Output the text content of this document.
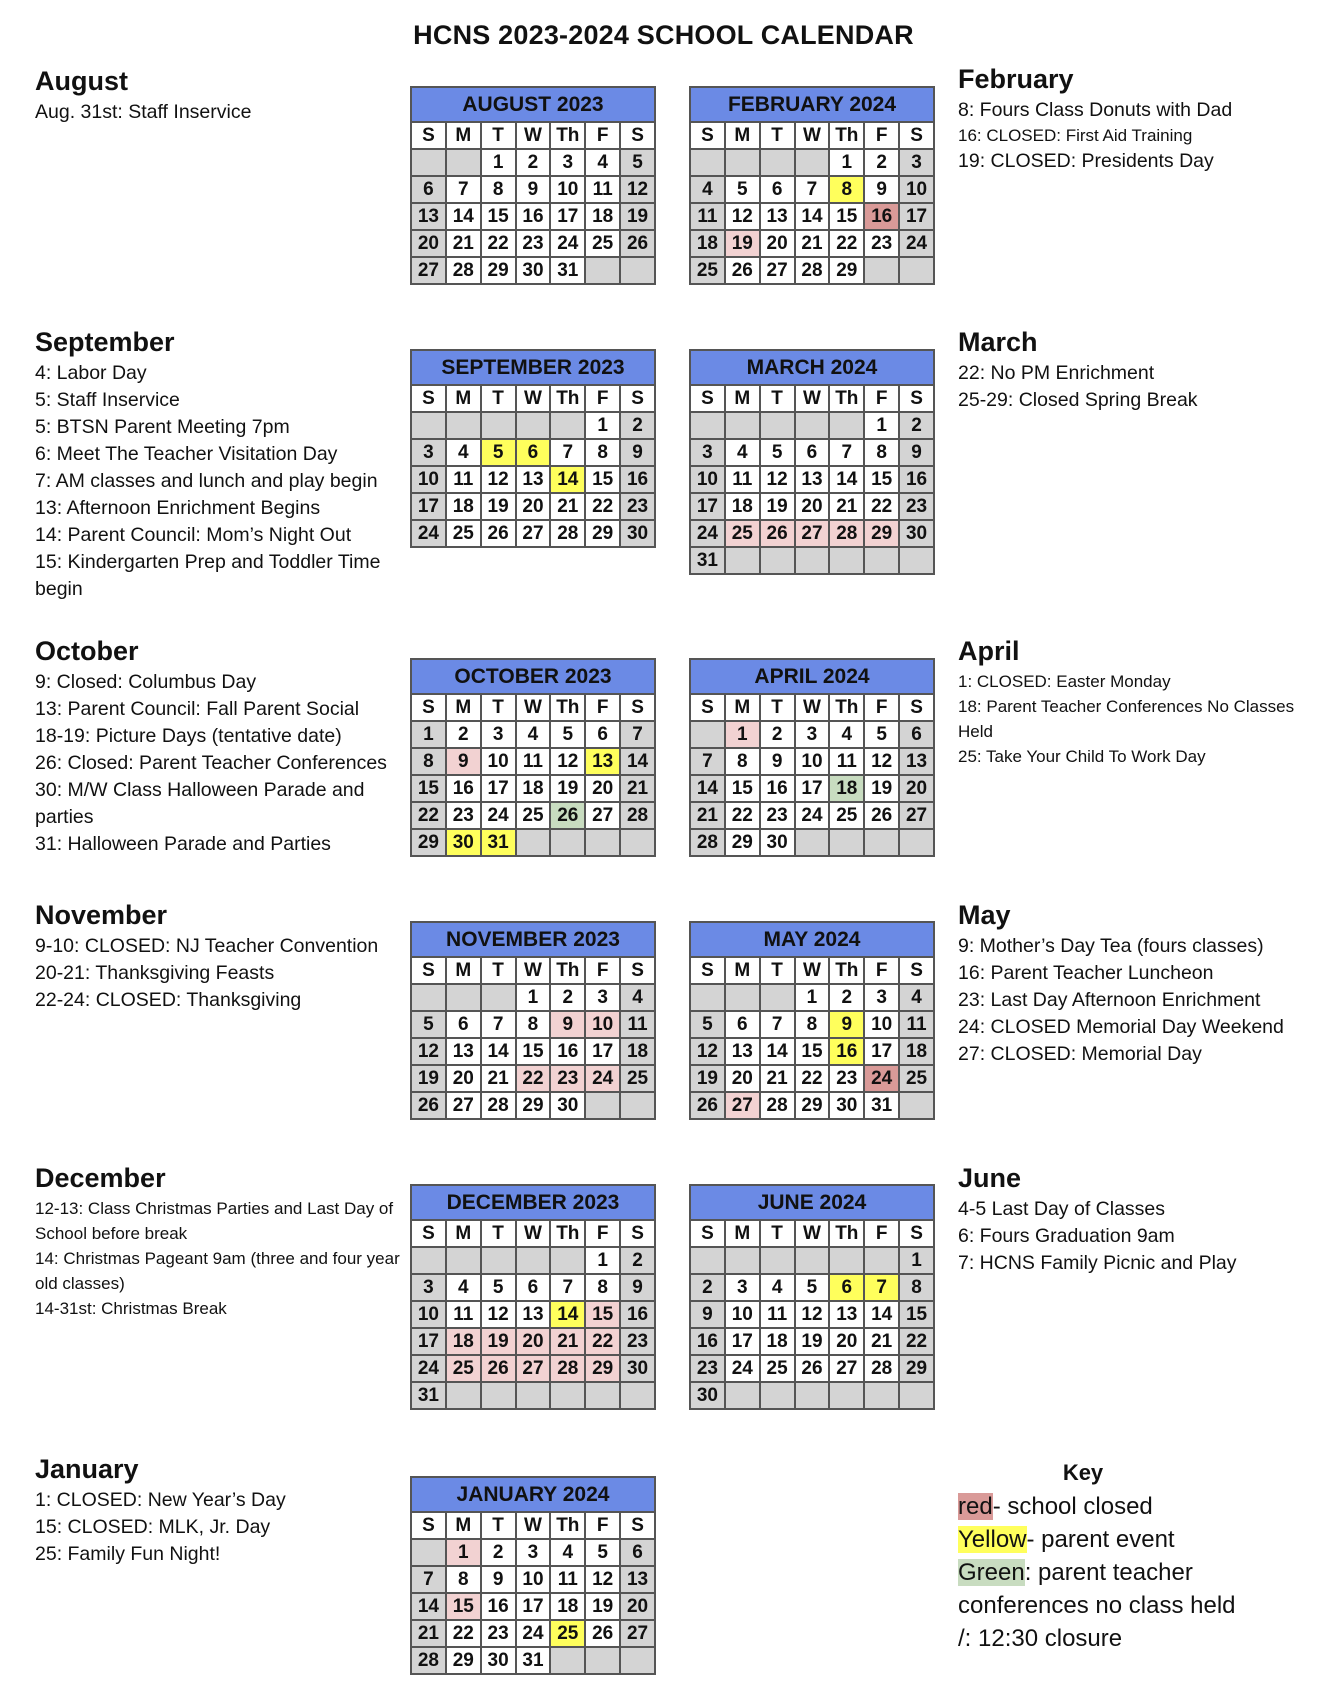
HCNS 2023-2024 SCHOOL CALENDAR
August
Aug. 31st: Staff Inservice
September
4: Labor Day
5: Staff Inservice
5: BTSN Parent Meeting 7pm
6: Meet The Teacher Visitation Day
7: AM classes and lunch and play begin
13: Afternoon Enrichment Begins
14: Parent Council: Mom’s Night Out
15: Kindergarten Prep and Toddler Time begin
October
9: Closed: Columbus Day
13: Parent Council: Fall Parent Social
18-19: Picture Days (tentative date)
26: Closed: Parent Teacher Conferences
30: M/W Class Halloween Parade and parties
31: Halloween Parade and Parties
November
9-10: CLOSED: NJ Teacher Convention
20-21: Thanksgiving Feasts
22-24: CLOSED: Thanksgiving
December
12-13: Class Christmas Parties and Last Day of School before break
14: Christmas Pageant 9am (three and four year old classes)
14-31st: Christmas Break
January
1: CLOSED: New Year’s Day
15: CLOSED: MLK, Jr. Day
25: Family Fun Night!
February
8: Fours Class Donuts with Dad
16: CLOSED: First Aid Training
19: CLOSED: Presidents Day
March
22: No PM Enrichment
25-29: Closed Spring Break
April
1: CLOSED: Easter Monday
18: Parent Teacher Conferences No Classes Held
25: Take Your Child To Work Day
May
9: Mother’s Day Tea (fours classes)
16: Parent Teacher Luncheon
23: Last Day Afternoon Enrichment
24: CLOSED Memorial Day Weekend
27: CLOSED: Memorial Day
June
4-5 Last Day of Classes
6: Fours Graduation 9am
7: HCNS Family Picnic and Play
AUGUST 2023						
S	M	T	W	Th	F	S
		1	2	3	4	5
6	7	8	9	10	11	12
13	14	15	16	17	18	19
20	21	22	23	24	25	26
27	28	29	30	31		
SEPTEMBER 2023						
S	M	T	W	Th	F	S
					1	2
3	4	5	6	7	8	9
10	11	12	13	14	15	16
17	18	19	20	21	22	23
24	25	26	27	28	29	30
OCTOBER 2023						
S	M	T	W	Th	F	S
1	2	3	4	5	6	7
8	9	10	11	12	13	14
15	16	17	18	19	20	21
22	23	24	25	26	27	28
29	30	31				
NOVEMBER 2023						
S	M	T	W	Th	F	S
			1	2	3	4
5	6	7	8	9	10	11
12	13	14	15	16	17	18
19	20	21	22	23	24	25
26	27	28	29	30		
DECEMBER 2023						
S	M	T	W	Th	F	S
					1	2
3	4	5	6	7	8	9
10	11	12	13	14	15	16
17	18	19	20	21	22	23
24	25	26	27	28	29	30
31						
JANUARY 2024						
S	M	T	W	Th	F	S
	1	2	3	4	5	6
7	8	9	10	11	12	13
14	15	16	17	18	19	20
21	22	23	24	25	26	27
28	29	30	31			
FEBRUARY 2024						
S	M	T	W	Th	F	S
				1	2	3
4	5	6	7	8	9	10
11	12	13	14	15	16	17
18	19	20	21	22	23	24
25	26	27	28	29		
MARCH 2024						
S	M	T	W	Th	F	S
					1	2
3	4	5	6	7	8	9
10	11	12	13	14	15	16
17	18	19	20	21	22	23
24	25	26	27	28	29	30
31						
APRIL 2024						
S	M	T	W	Th	F	S
	1	2	3	4	5	6
7	8	9	10	11	12	13
14	15	16	17	18	19	20
21	22	23	24	25	26	27
28	29	30				
MAY 2024						
S	M	T	W	Th	F	S
			1	2	3	4
5	6	7	8	9	10	11
12	13	14	15	16	17	18
19	20	21	22	23	24	25
26	27	28	29	30	31	
JUNE 2024						
S	M	T	W	Th	F	S
						1
2	3	4	5	6	7	8
9	10	11	12	13	14	15
16	17	18	19	20	21	22
23	24	25	26	27	28	29
30						
Key
red- school closed
Yellow- parent event
Green: parent teacher conferences no class held
/: 12:30 closure
